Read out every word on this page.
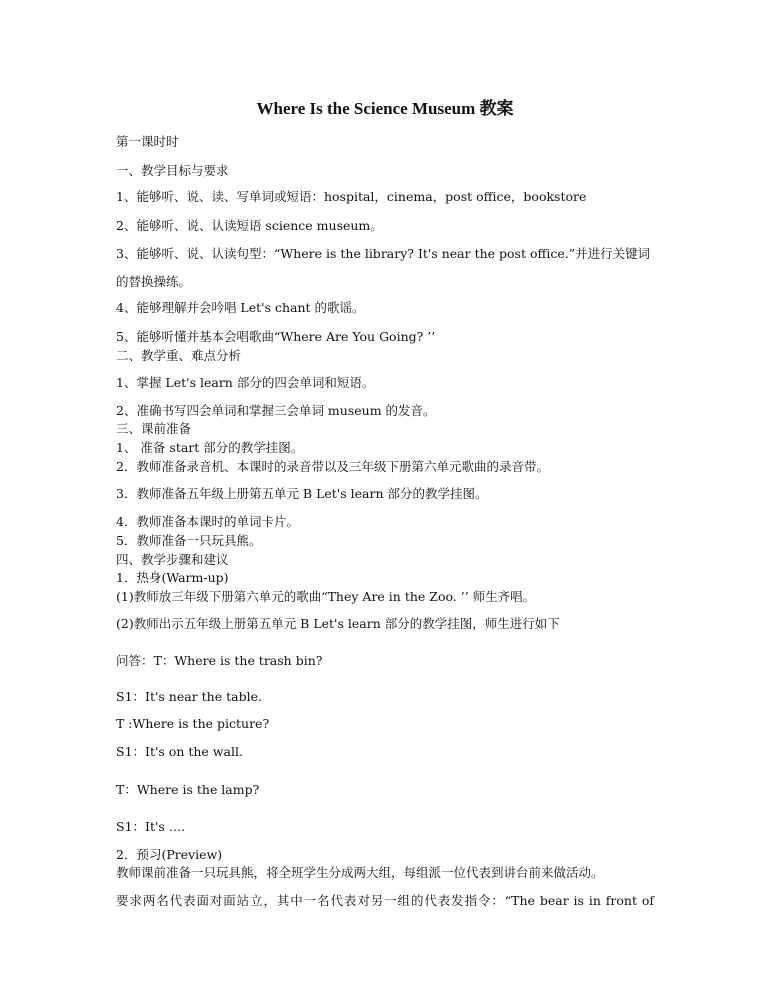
Where Is the Science Museum 教案
第一课时时
一、教学目标与要求
1、能够听、说、读、写单词或短语：hospital，cinema，post office，bookstore
2、能够听、说、认读短语 science museum。
3、能够听、说、认读句型：“Where is the library? It's near the post office.”并进行关键词
的替换操练。
4、能够理解并会吟唱 Let's chant 的歌谣。
5、能够听懂并基本会唱歌曲“Where Are You Going? ’’
二、教学重、难点分析
1、掌握 Let's learn 部分的四会单词和短语。
2、准确书写四会单词和掌握三会单词 museum 的发音。
三、课前准备
1、 准备 start 部分的教学挂图。
2．教师准备录音机、本课时的录音带以及三年级下册第六单元歌曲的录音带。
3．教师准备五年级上册第五单元 B Let's learn 部分的教学挂图。
4．教师准备本课时的单词卡片。
5．教师准备一只玩具熊。
四、教学步骤和建议
1．热身(Warm-up)
(1)教师放三年级下册第六单元的歌曲“They Are in the Zoo. ’’ 师生齐唱。
(2)教师出示五年级上册第五单元 B Let's learn 部分的教学挂图，师生进行如下
问答：T：Where is the trash bin?
S1：It's near the table.
T :Where is the picture?
S1：It's on the wall.
T：Where is the lamp?
S1：It's ….
2．预习(Preview)
教师课前准备一只玩具熊，将全班学生分成两大组，每组派一位代表到讲台前来做活动。
要求两名代表面对面站立，其中一名代表对另一组的代表发指令：“The bear is in front of
